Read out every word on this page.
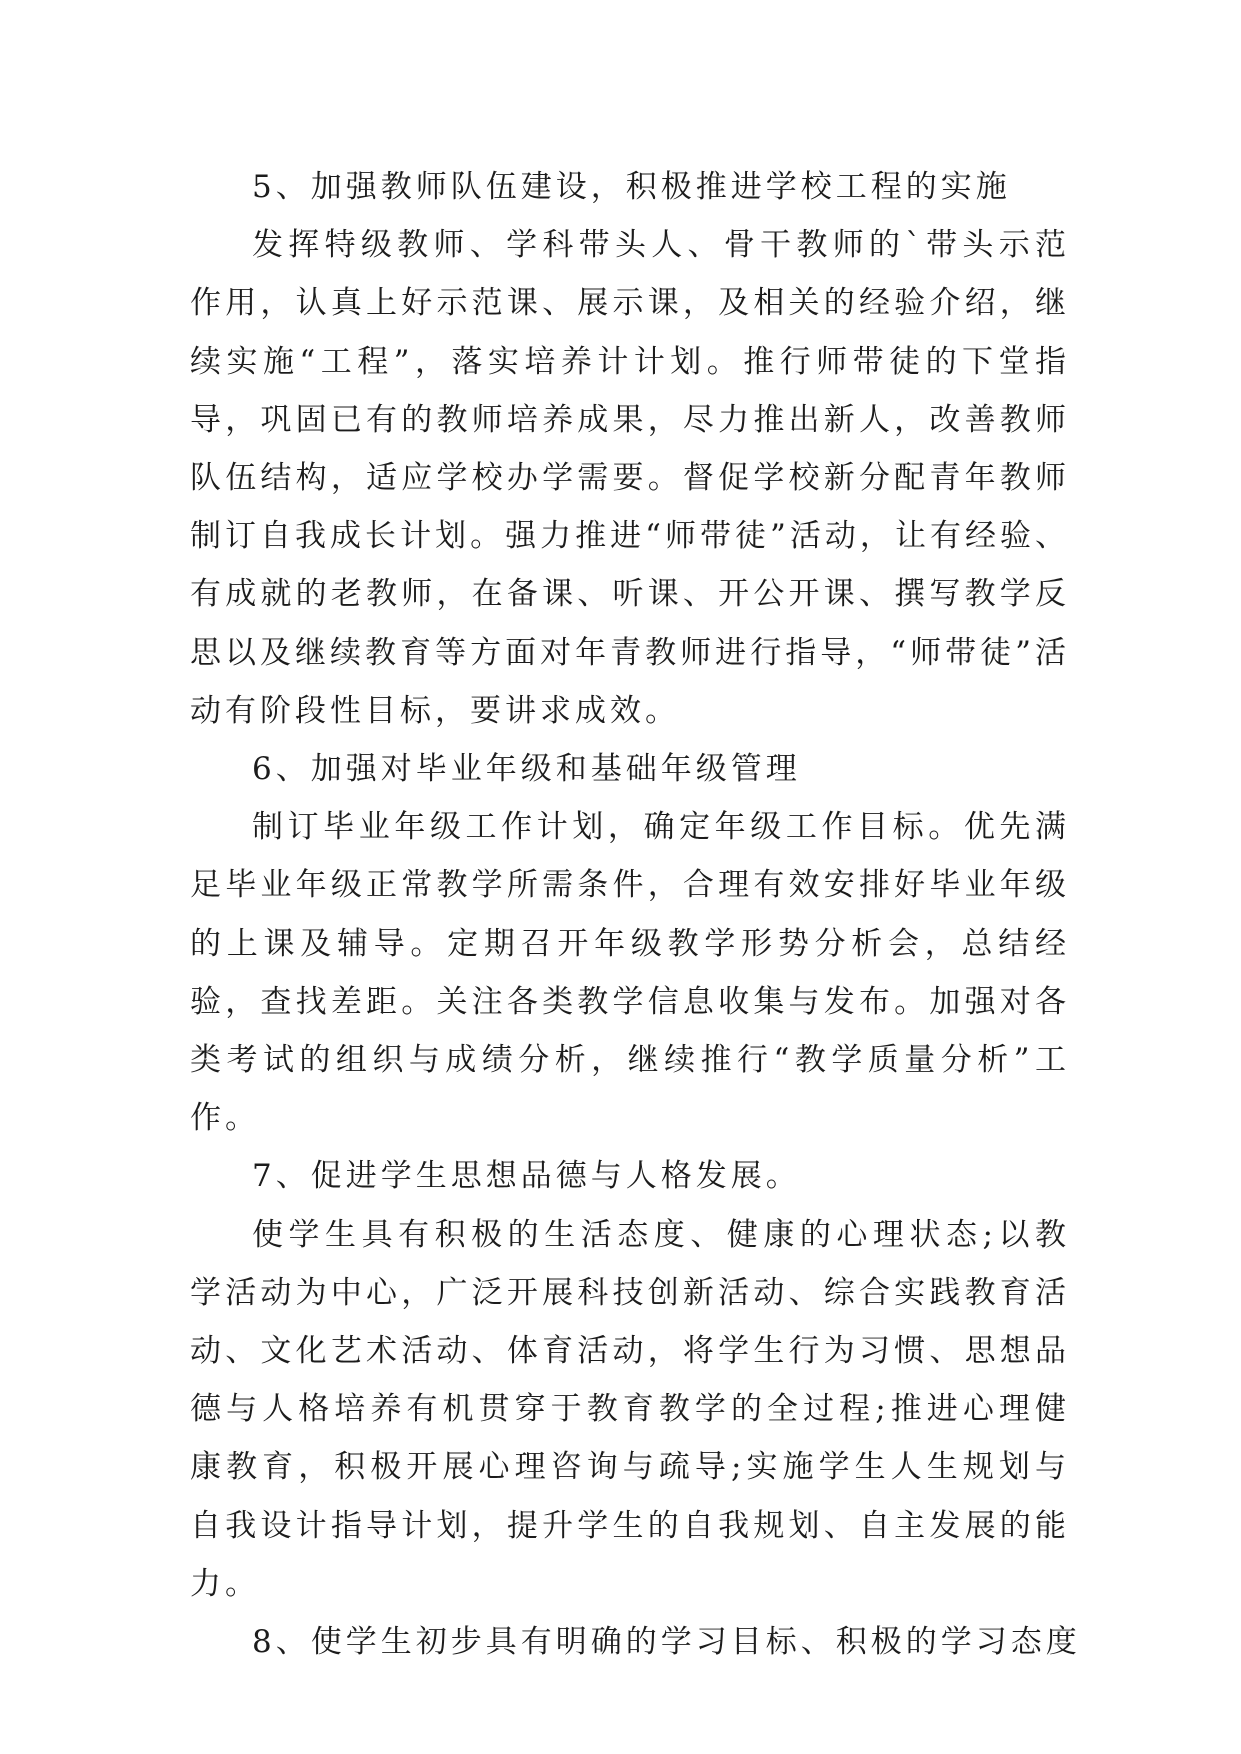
5、加强教师队伍建设，积极推进学校工程的实施

发挥特级教师、学科带头人、骨干教师的`带头示范作用，认真上好示范课、展示课，及相关的经验介绍，继续实施“工程”，落实培养计计划。推行师带徒的下堂指导，巩固已有的教师培养成果，尽力推出新人，改善教师队伍结构，适应学校办学需要。督促学校新分配青年教师制订自我成长计划。强力推进“师带徒”活动，让有经验、有成就的老教师，在备课、听课、开公开课、撰写教学反思以及继续教育等方面对年青教师进行指导，“师带徒”活动有阶段性目标，要讲求成效。

6、加强对毕业年级和基础年级管理

制订毕业年级工作计划，确定年级工作目标。优先满足毕业年级正常教学所需条件，合理有效安排好毕业年级的上课及辅导。定期召开年级教学形势分析会，总结经验，查找差距。关注各类教学信息收集与发布。加强对各类考试的组织与成绩分析，继续推行“教学质量分析”工作。

7、促进学生思想品德与人格发展。

使学生具有积极的生活态度、健康的心理状态;以教学活动为中心，广泛开展科技创新活动、综合实践教育活动、文化艺术活动、体育活动，将学生行为习惯、思想品德与人格培养有机贯穿于教育教学的全过程;推进心理健康教育，积极开展心理咨询与疏导;实施学生人生规划与自我设计指导计划，提升学生的自我规划、自主发展的能力。

8、使学生初步具有明确的学习目标、积极的学习态度
